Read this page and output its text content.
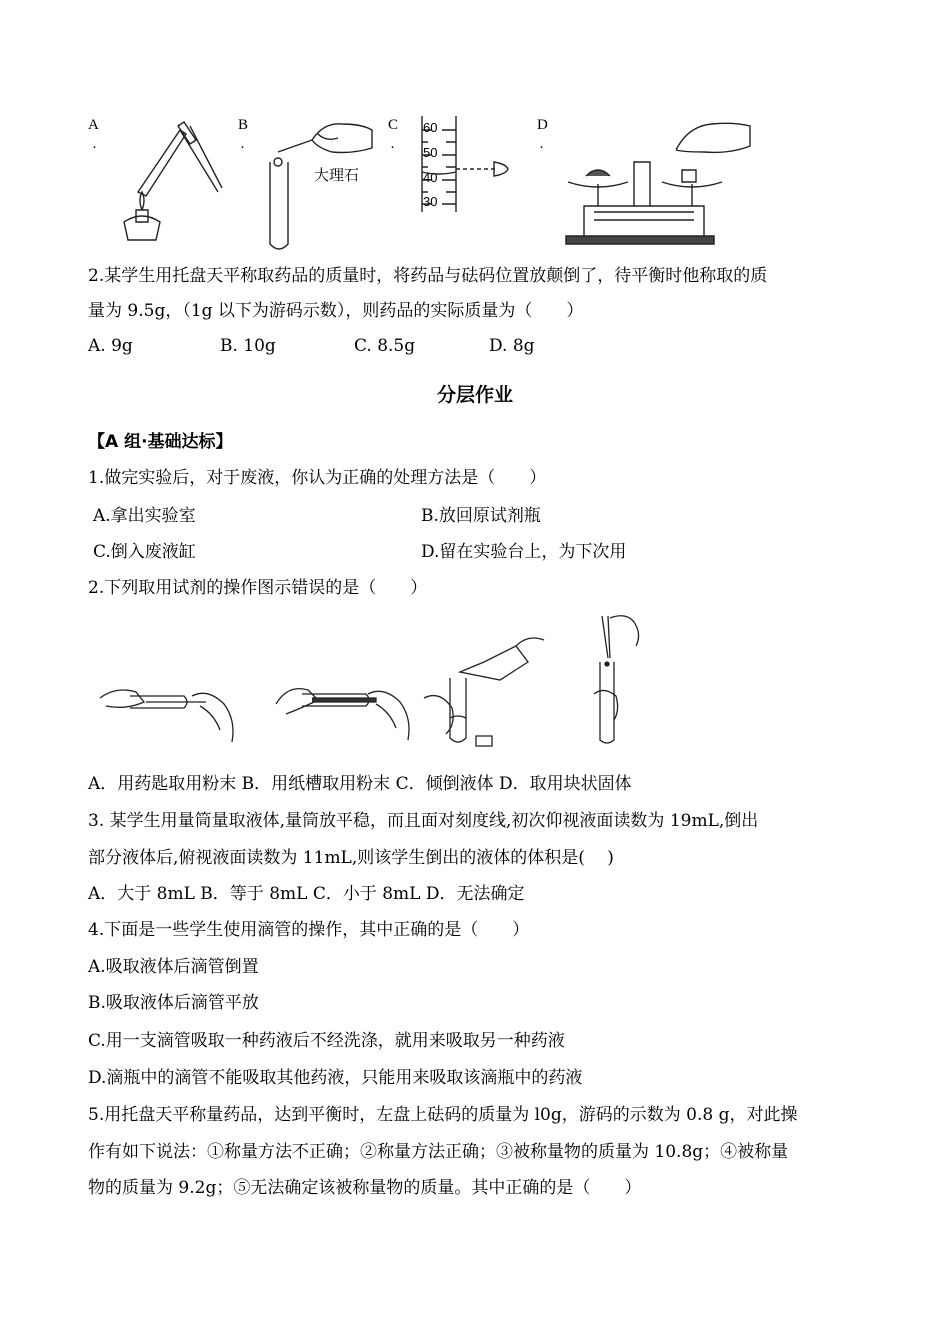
A
·
B
·
C
·
D
·
大理石
60
50
40
30
2.某学生用托盘天平称取药品的质量时，将药品与砝码位置放颠倒了，待平衡时他称取的质
量为 9.5g，（1g 以下为游码示数），则药品的实际质量为（　　）
A. 9g	B. 10g	C. 8.5g	D. 8g
分层作业
【A 组·基础达标】
1.做完实验后，对于废液，你认为正确的处理方法是（　　）
A.拿出实验室	B.放回原试剂瓶
C.倒入废液缸	D.留在实验台上，为下次用
2.下列取用试剂的操作图示错误的是（　　）
A．用药匙取用粉末 B．用纸槽取用粉末 C．倾倒液体 D．取用块状固体
3. 某学生用量筒量取液体,量筒放平稳，而且面对刻度线,初次仰视液面读数为 19mL,倒出
部分液体后,俯视液面读数为 11mL,则该学生倒出的液体的体积是(　 )
A．大于 8mL B．等于 8mL C．小于 8mL D．无法确定
4.下面是一些学生使用滴管的操作，其中正确的是（　　）
A.吸取液体后滴管倒置
B.吸取液体后滴管平放
C.用一支滴管吸取一种药液后不经洗涤，就用来吸取另一种药液
D.滴瓶中的滴管不能吸取其他药液，只能用来吸取该滴瓶中的药液
5.用托盘天平称量药品，达到平衡时，左盘上砝码的质量为 l0g，游码的示数为 0.8 g，对此操
作有如下说法：①称量方法不正确；②称量方法正确；③被称量物的质量为 10.8g；④被称量
物的质量为 9.2g；⑤无法确定该被称量物的质量。其中正确的是（　　）
